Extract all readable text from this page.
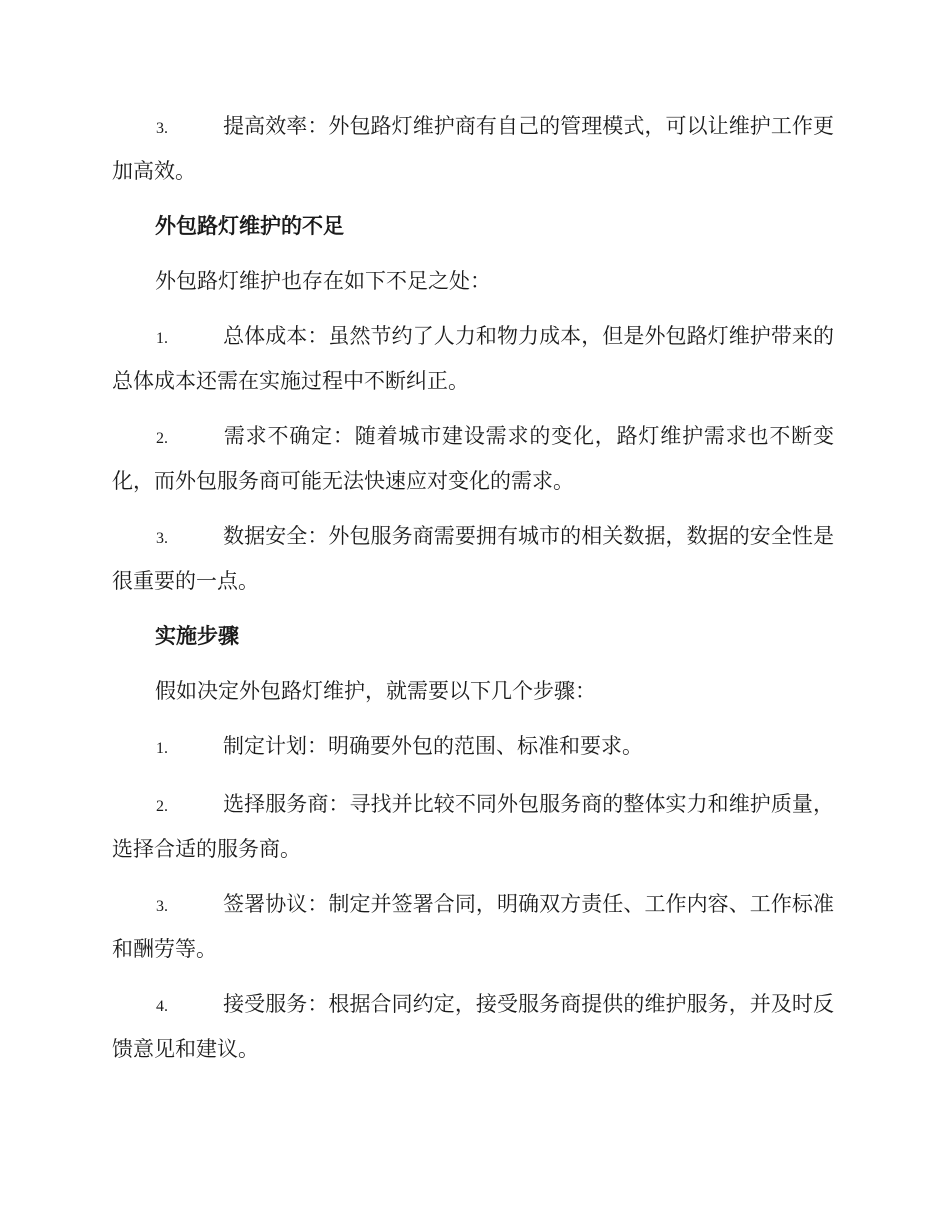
3.	提高效率：外包路灯维护商有自己的管理模式，可以让维护工作更加高效。

外包路灯维护的不足

外包路灯维护也存在如下不足之处：

1.	总体成本：虽然节约了人力和物力成本，但是外包路灯维护带来的总体成本还需在实施过程中不断纠正。

2.	需求不确定：随着城市建设需求的变化，路灯维护需求也不断变化，而外包服务商可能无法快速应对变化的需求。

3.	数据安全：外包服务商需要拥有城市的相关数据，数据的安全性是很重要的一点。

实施步骤

假如决定外包路灯维护，就需要以下几个步骤：

1.	制定计划：明确要外包的范围、标准和要求。

2.	选择服务商：寻找并比较不同外包服务商的整体实力和维护质量，选择合适的服务商。

3.	签署协议：制定并签署合同，明确双方责任、工作内容、工作标准和酬劳等。

4.	接受服务：根据合同约定，接受服务商提供的维护服务，并及时反馈意见和建议。
